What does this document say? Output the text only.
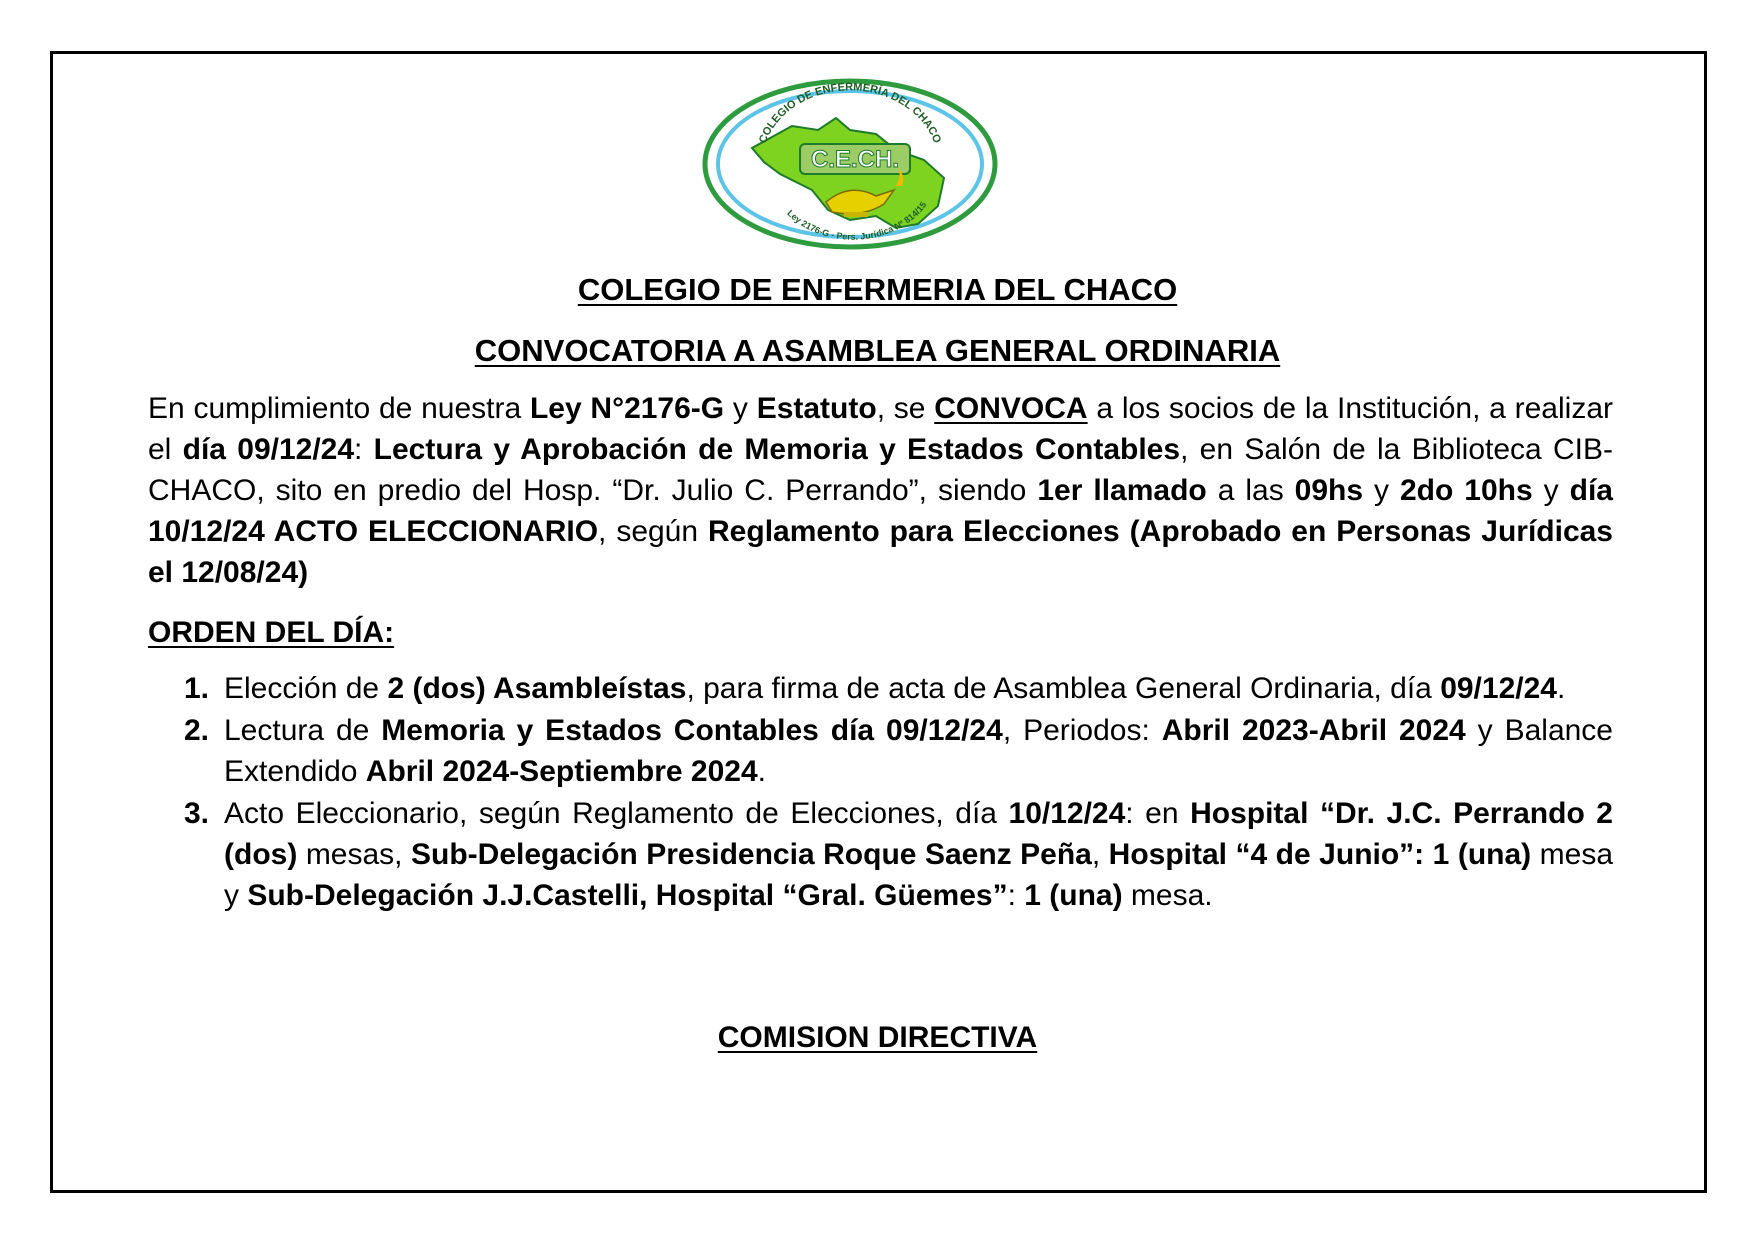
C.E.CH.
COLEGIO DE ENFERMERÍA DEL CHACO
Ley 2176-G - Pers. Jurídica Nº 814/15
COLEGIO DE ENFERMERIA DEL CHACO
CONVOCATORIA A ASAMBLEA GENERAL ORDINARIA

En cumplimiento de nuestra Ley N°2176-G y Estatuto, se CONVOCA a los socios de la Institución, a realizar el día 09/12/24: Lectura y Aprobación de Memoria y Estados Contables, en Salón de la Biblioteca CIB-CHACO, sito en predio del Hosp. “Dr. Julio C. Perrando”, siendo 1er llamado a las 09hs y 2do 10hs y día 10/12/24 ACTO ELECCIONARIO, según Reglamento para Elecciones (Aprobado en Personas Jurídicas el 12/08/24)

ORDEN DEL DÍA:

1. Elección de 2 (dos) Asambleístas, para firma de acta de Asamblea General Ordinaria, día 09/12/24.

2. Lectura de Memoria y Estados Contables día 09/12/24, Periodos: Abril 2023-Abril 2024 y Balance Extendido Abril 2024-Septiembre 2024.

3. Acto Eleccionario, según Reglamento de Elecciones, día 10/12/24: en Hospital “Dr. J.C. Perrando 2 (dos) mesas, Sub-Delegación Presidencia Roque Saenz Peña, Hospital “4 de Junio”: 1 (una) mesa y Sub-Delegación J.J.Castelli, Hospital “Gral. Güemes”: 1 (una) mesa.

COMISION DIRECTIVA
